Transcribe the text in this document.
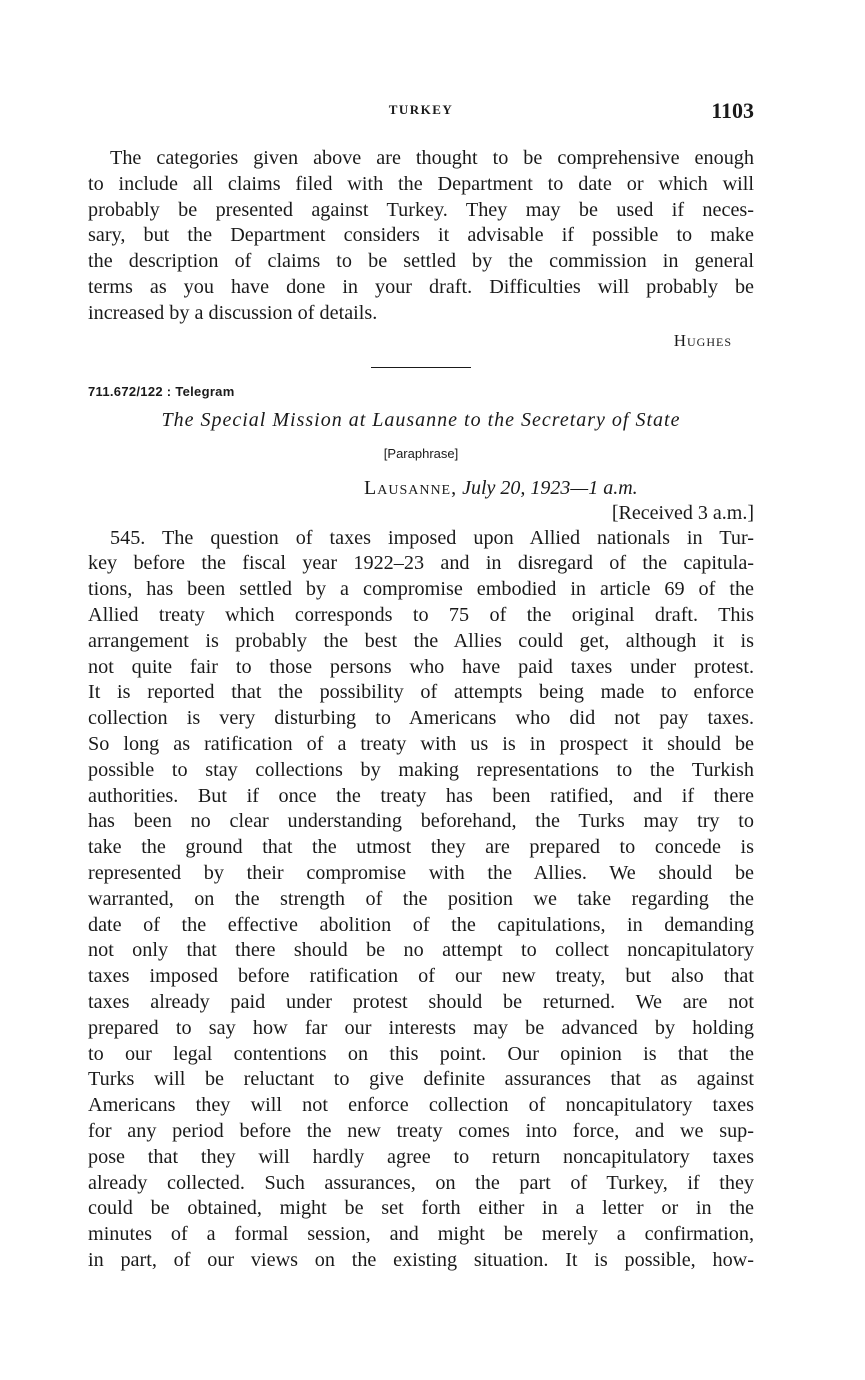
TURKEY	1103
The categories given above are thought to be comprehensive enough
to include all claims filed with the Department to date or which will
probably be presented against Turkey. They may be used if neces-
sary, but the Department considers it advisable if possible to make
the description of claims to be settled by the commission in general
terms as you have done in your draft. Difficulties will probably be
increased by a discussion of details.
Hughes
711.672/122 : Telegram
The Special Mission at Lausanne to the Secretary of State
[Paraphrase]
Lausanne, July 20, 1923—1 a.m.
[Received 3 a.m.]
545. The question of taxes imposed upon Allied nationals in Tur-
key before the fiscal year 1922–23 and in disregard of the capitula-
tions, has been settled by a compromise embodied in article 69 of the
Allied treaty which corresponds to 75 of the original draft. This
arrangement is probably the best the Allies could get, although it is
not quite fair to those persons who have paid taxes under protest.
It is reported that the possibility of attempts being made to enforce
collection is very disturbing to Americans who did not pay taxes.
So long as ratification of a treaty with us is in prospect it should be
possible to stay collections by making representations to the Turkish
authorities. But if once the treaty has been ratified, and if there
has been no clear understanding beforehand, the Turks may try to
take the ground that the utmost they are prepared to concede is
represented by their compromise with the Allies. We should be
warranted, on the strength of the position we take regarding the
date of the effective abolition of the capitulations, in demanding
not only that there should be no attempt to collect noncapitulatory
taxes imposed before ratification of our new treaty, but also that
taxes already paid under protest should be returned. We are not
prepared to say how far our interests may be advanced by holding
to our legal contentions on this point. Our opinion is that the
Turks will be reluctant to give definite assurances that as against
Americans they will not enforce collection of noncapitulatory taxes
for any period before the new treaty comes into force, and we sup-
pose that they will hardly agree to return noncapitulatory taxes
already collected. Such assurances, on the part of Turkey, if they
could be obtained, might be set forth either in a letter or in the
minutes of a formal session, and might be merely a confirmation,
in part, of our views on the existing situation. It is possible, how-
